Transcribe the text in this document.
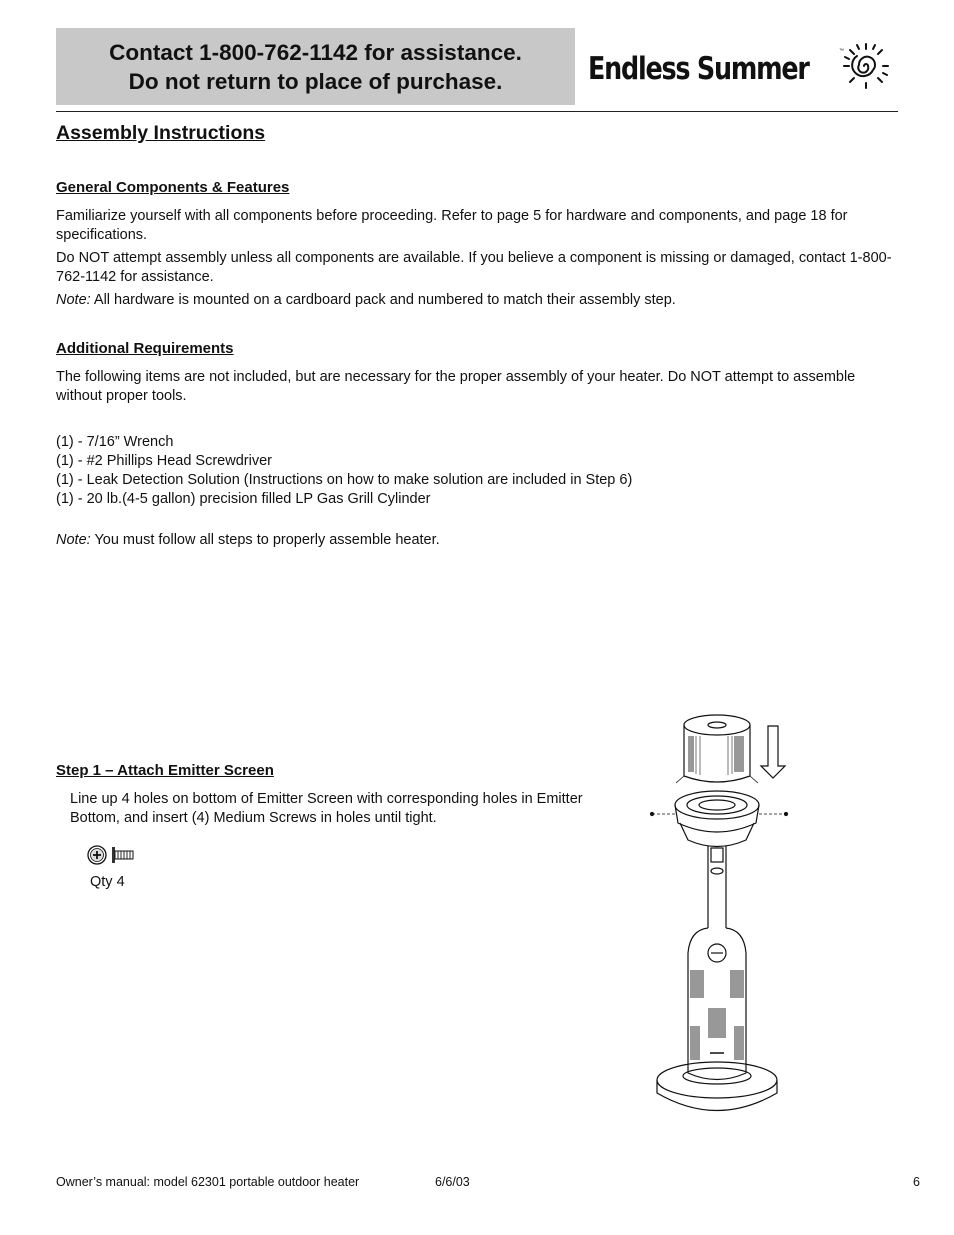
Contact 1-800-762-1142 for assistance.
Do not return to place of purchase.	Endless Summer	™
Assembly Instructions
General Components & Features

Familiarize yourself with all components before proceeding. Refer to page 5 for hardware and components, and page 18 for specifications.

Do NOT attempt assembly unless all components are available. If you believe a component is missing or damaged, contact 1-800-762-1142 for assistance.

Note: All hardware is mounted on a cardboard pack and numbered to match their assembly step.

Additional Requirements

The following items are not included, but are necessary for the proper assembly of your heater. Do NOT attempt to assemble without proper tools.

(1) - 7/16” Wrench
(1) - #2 Phillips Head Screwdriver
(1) - Leak Detection Solution (Instructions on how to make solution are included in Step 6)
(1) - 20 lb.(4-5 gallon) precision filled LP Gas Grill Cylinder

Note: You must follow all steps to properly assemble heater.

Step 1 – Attach Emitter Screen

Line up 4 holes on bottom of Emitter Screen with corresponding holes in Emitter Bottom, and insert (4) Medium Screws in holes until tight.

Qty 4
Owner’s manual: model 62301 portable outdoor heater	6/6/03	6
